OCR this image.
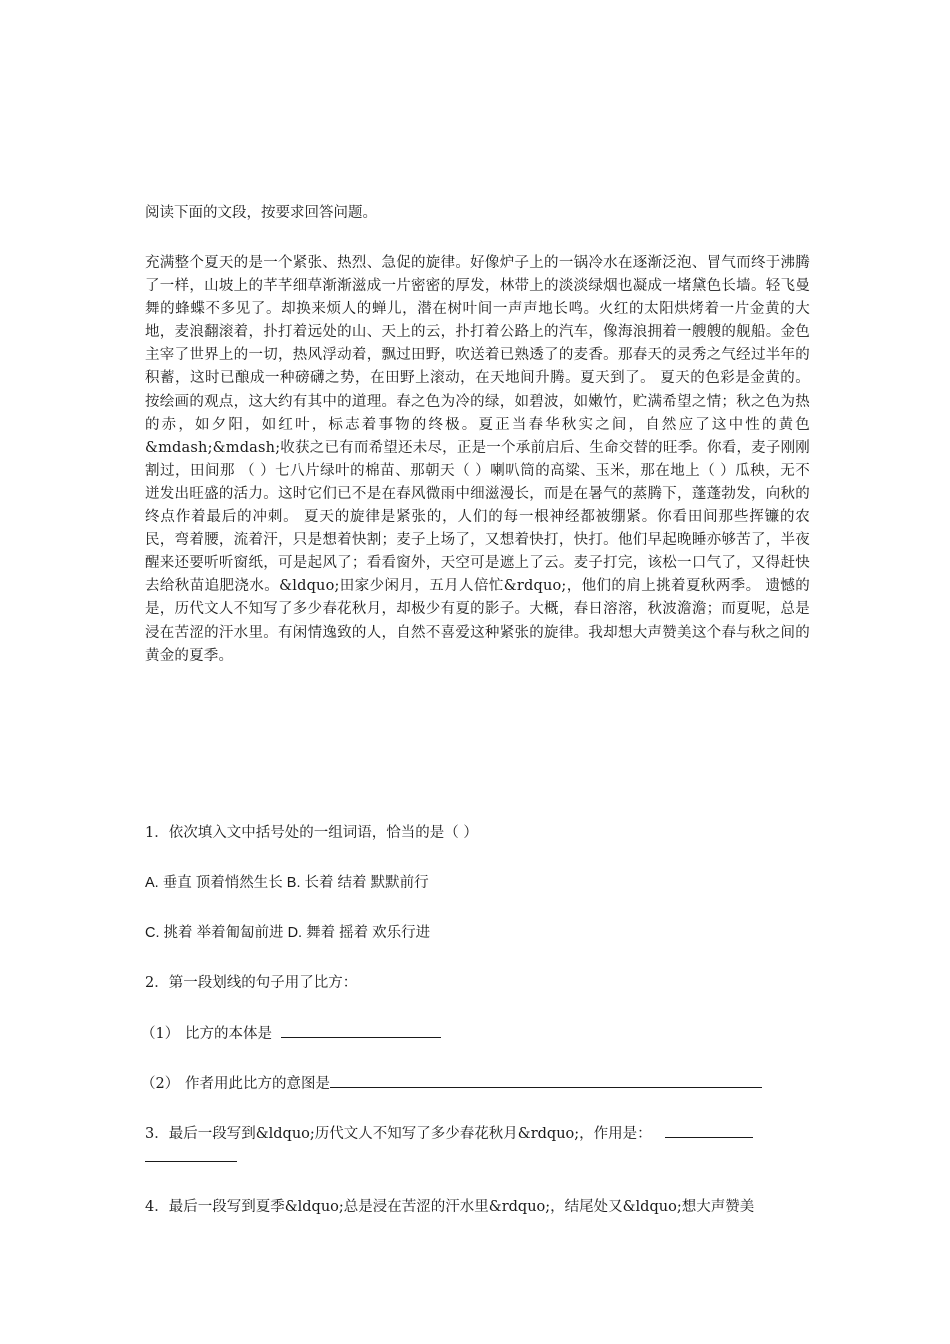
阅读下面的文段，按要求回答问题。

充满整个夏天的是一个紧张、热烈、急促的旋律。好像炉子上的一锅冷水在逐渐泛泡、冒气而终于沸腾了一样，山坡上的芊芊细草渐渐滋成一片密密的厚发，林带上的淡淡绿烟也凝成一堵黛色长墙。轻飞曼舞的蜂蝶不多见了。却换来烦人的蝉儿，潜在树叶间一声声地长鸣。火红的太阳烘烤着一片金黄的大地，麦浪翻滚着，扑打着远处的山、天上的云，扑打着公路上的汽车，像海浪拥着一艘艘的舰船。金色主宰了世界上的一切，热风浮动着，飘过田野，吹送着已熟透了的麦香。那春天的灵秀之气经过半年的积蓄，这时已酿成一种磅礴之势，在田野上滚动，在天地间升腾。夏天到了。 夏天的色彩是金黄的。按绘画的观点，这大约有其中的道理。春之色为冷的绿，如碧波，如嫩竹，贮满希望之情；秋之色为热的赤，如夕阳，如红叶，标志着事物的终极。夏正当春华秋实之间，自然应了这中性的黄色&mdash;&mdash;收获之已有而希望还未尽，正是一个承前启后、生命交替的旺季。你看，麦子刚刚割过，田间那 （ ）七八片绿叶的棉苗、那朝天（ ）喇叭筒的高粱、玉米，那在地上（ ）瓜秧，无不迸发出旺盛的活力。这时它们已不是在春风微雨中细滋漫长，而是在暑气的蒸腾下，蓬蓬勃发，向秋的终点作着最后的冲刺。 夏天的旋律是紧张的，人们的每一根神经都被绷紧。你看田间那些挥镰的农民，弯着腰，流着汗，只是想着快割；麦子上场了，又想着快打，快打。他们早起晚睡亦够苦了，半夜醒来还要听听窗纸，可是起风了；看看窗外，天空可是遮上了云。麦子打完，该松一口气了，又得赶快去给秋苗追肥浇水。&ldquo;田家少闲月，五月人倍忙&rdquo;，他们的肩上挑着夏秋两季。 遗憾的是，历代文人不知写了多少春花秋月，却极少有夏的影子。大概，春日溶溶，秋波澹澹；而夏呢，总是浸在苦涩的汗水里。有闲情逸致的人，自然不喜爱这种紧张的旋律。我却想大声赞美这个春与秋之间的黄金的夏季。

1．依次填入文中括号处的一组词语，恰当的是（ ）

A. 垂直 顶着悄然生长 B. 长着 结着 默默前行

C. 挑着 举着匍匐前进 D. 舞着 摇着 欢乐行进

2．第一段划线的句子用了比方：

（1） 比方的本体是

（2） 作者用此比方的意图是

3．最后一段写到&ldquo;历代文人不知写了多少春花秋月&rdquo;，作用是：

4．最后一段写到夏季&ldquo;总是浸在苦涩的汗水里&rdquo;，结尾处又&ldquo;想大声赞美
